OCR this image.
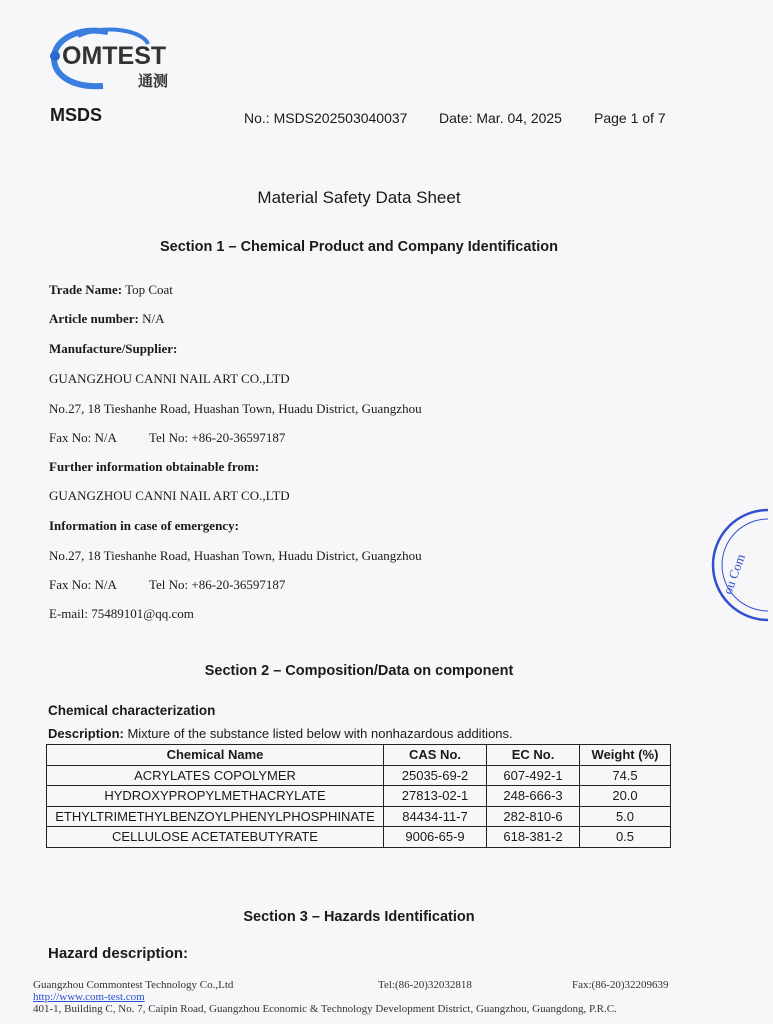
OMTEST
通测
MSDS	No.: MSDS202503040037 Date: Mar. 04, 2025 Page 1 of 7
Material Safety Data Sheet
Section 1 – Chemical Product and Company Identification
Trade Name: Top Coat
Article number: N/A
Manufacture/Supplier:
GUANGZHOU CANNI NAIL ART CO.,LTD
No.27, 18 Tieshanhe Road, Huashan Town, Huadu District, Guangzhou
Fax No: N/A Tel No: +86-20-36597187
Further information obtainable from:
GUANGZHOU CANNI NAIL ART CO.,LTD
Information in case of emergency:
No.27, 18 Tieshanhe Road, Huashan Town, Huadu District, Guangzhou
Fax No: N/A Tel No: +86-20-36597187
E-mail: 75489101@qq.com
Section 2 – Composition/Data on component
Chemical characterization
Description: Mixture of the substance listed below with nonhazardous additions.
Chemical Name	CAS No.	EC No.	Weight (%)
ACRYLATES COPOLYMER	25035-69-2	607-492-1	74.5
HYDROXYPROPYLMETHACRYLATE	27813-02-1	248-666-3	20.0
ETHYLTRIMETHYLBENZOYLPHENYLPHOSPHINATE	84434-11-7	282-810-6	5.0
CELLULOSE ACETATEBUTYRATE	9006-65-9	618-381-2	0.5
Section 3 – Hazards Identification
Hazard description:
ou Com
Guangzhou Commontest Technology Co.,Ltd	Tel:(86-20)32032818	Fax:(86-20)32209639
http://www.com-test.com
401-1, Building C, No. 7, Caipin Road, Guangzhou Economic & Technology Development District, Guangzhou, Guangdong, P.R.C.
